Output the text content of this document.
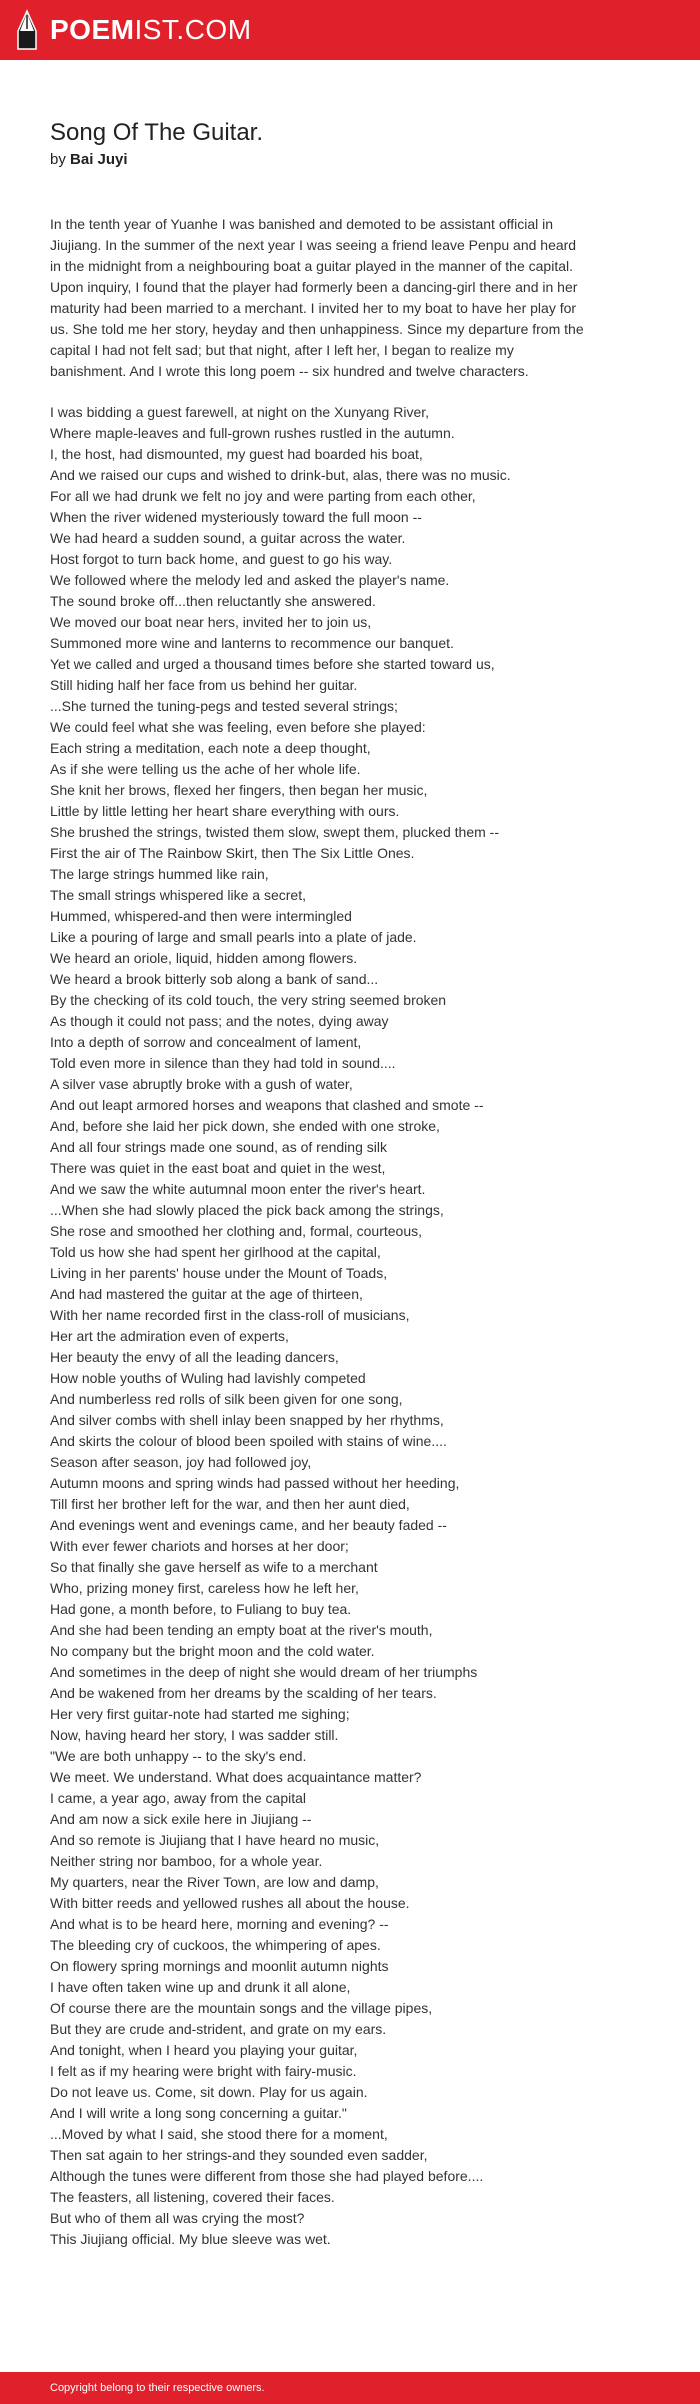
POEMIST.COM
Song Of The Guitar.
by Bai Juyi

In the tenth year of Yuanhe I was banished and demoted to be assistant official in Jiujiang. In the summer of the next year I was seeing a friend leave Penpu and heard in the midnight from a neighbouring boat a guitar played in the manner of the capital. Upon inquiry, I found that the player had formerly been a dancing-girl there and in her maturity had been married to a merchant. I invited her to my boat to have her play for us. She told me her story, heyday and then unhappiness. Since my departure from the capital I had not felt sad; but that night, after I left her, I began to realize my banishment. And I wrote this long poem -- six hundred and twelve characters.

I was bidding a guest farewell, at night on the Xunyang River,
Where maple-leaves and full-grown rushes rustled in the autumn.
I, the host, had dismounted, my guest had boarded his boat,
And we raised our cups and wished to drink-but, alas, there was no music.
For all we had drunk we felt no joy and were parting from each other,
When the river widened mysteriously toward the full moon --
We had heard a sudden sound, a guitar across the water.
Host forgot to turn back home, and guest to go his way.
We followed where the melody led and asked the player's name.
The sound broke off...then reluctantly she answered.
We moved our boat near hers, invited her to join us,
Summoned more wine and lanterns to recommence our banquet.
Yet we called and urged a thousand times before she started toward us,
Still hiding half her face from us behind her guitar.
...She turned the tuning-pegs and tested several strings;
We could feel what she was feeling, even before she played:
Each string a meditation, each note a deep thought,
As if she were telling us the ache of her whole life.
She knit her brows, flexed her fingers, then began her music,
Little by little letting her heart share everything with ours.
She brushed the strings, twisted them slow, swept them, plucked them --
First the air of The Rainbow Skirt, then The Six Little Ones.
The large strings hummed like rain,
The small strings whispered like a secret,
Hummed, whispered-and then were intermingled
Like a pouring of large and small pearls into a plate of jade.
We heard an oriole, liquid, hidden among flowers.
We heard a brook bitterly sob along a bank of sand...
By the checking of its cold touch, the very string seemed broken
As though it could not pass; and the notes, dying away
Into a depth of sorrow and concealment of lament,
Told even more in silence than they had told in sound....
A silver vase abruptly broke with a gush of water,
And out leapt armored horses and weapons that clashed and smote --
And, before she laid her pick down, she ended with one stroke,
And all four strings made one sound, as of rending silk
There was quiet in the east boat and quiet in the west,
And we saw the white autumnal moon enter the river's heart.
...When she had slowly placed the pick back among the strings,
She rose and smoothed her clothing and, formal, courteous,
Told us how she had spent her girlhood at the capital,
Living in her parents' house under the Mount of Toads,
And had mastered the guitar at the age of thirteen,
With her name recorded first in the class-roll of musicians,
Her art the admiration even of experts,
Her beauty the envy of all the leading dancers,
How noble youths of Wuling had lavishly competed
And numberless red rolls of silk been given for one song,
And silver combs with shell inlay been snapped by her rhythms,
And skirts the colour of blood been spoiled with stains of wine....
Season after season, joy had followed joy,
Autumn moons and spring winds had passed without her heeding,
Till first her brother left for the war, and then her aunt died,
And evenings went and evenings came, and her beauty faded --
With ever fewer chariots and horses at her door;
So that finally she gave herself as wife to a merchant
Who, prizing money first, careless how he left her,
Had gone, a month before, to Fuliang to buy tea.
And she had been tending an empty boat at the river's mouth,
No company but the bright moon and the cold water.
And sometimes in the deep of night she would dream of her triumphs
And be wakened from her dreams by the scalding of her tears.
Her very first guitar-note had started me sighing;
Now, having heard her story, I was sadder still.
"We are both unhappy -- to the sky's end.
We meet. We understand. What does acquaintance matter?
I came, a year ago, away from the capital
And am now a sick exile here in Jiujiang --
And so remote is Jiujiang that I have heard no music,
Neither string nor bamboo, for a whole year.
My quarters, near the River Town, are low and damp,
With bitter reeds and yellowed rushes all about the house.
And what is to be heard here, morning and evening? --
The bleeding cry of cuckoos, the whimpering of apes.
On flowery spring mornings and moonlit autumn nights
I have often taken wine up and drunk it all alone,
Of course there are the mountain songs and the village pipes,
But they are crude and-strident, and grate on my ears.
And tonight, when I heard you playing your guitar,
I felt as if my hearing were bright with fairy-music.
Do not leave us. Come, sit down. Play for us again.
And I will write a long song concerning a guitar."
...Moved by what I said, she stood there for a moment,
Then sat again to her strings-and they sounded even sadder,
Although the tunes were different from those she had played before....
The feasters, all listening, covered their faces.
But who of them all was crying the most?
This Jiujiang official. My blue sleeve was wet.
Copyright belong to their respective owners.
